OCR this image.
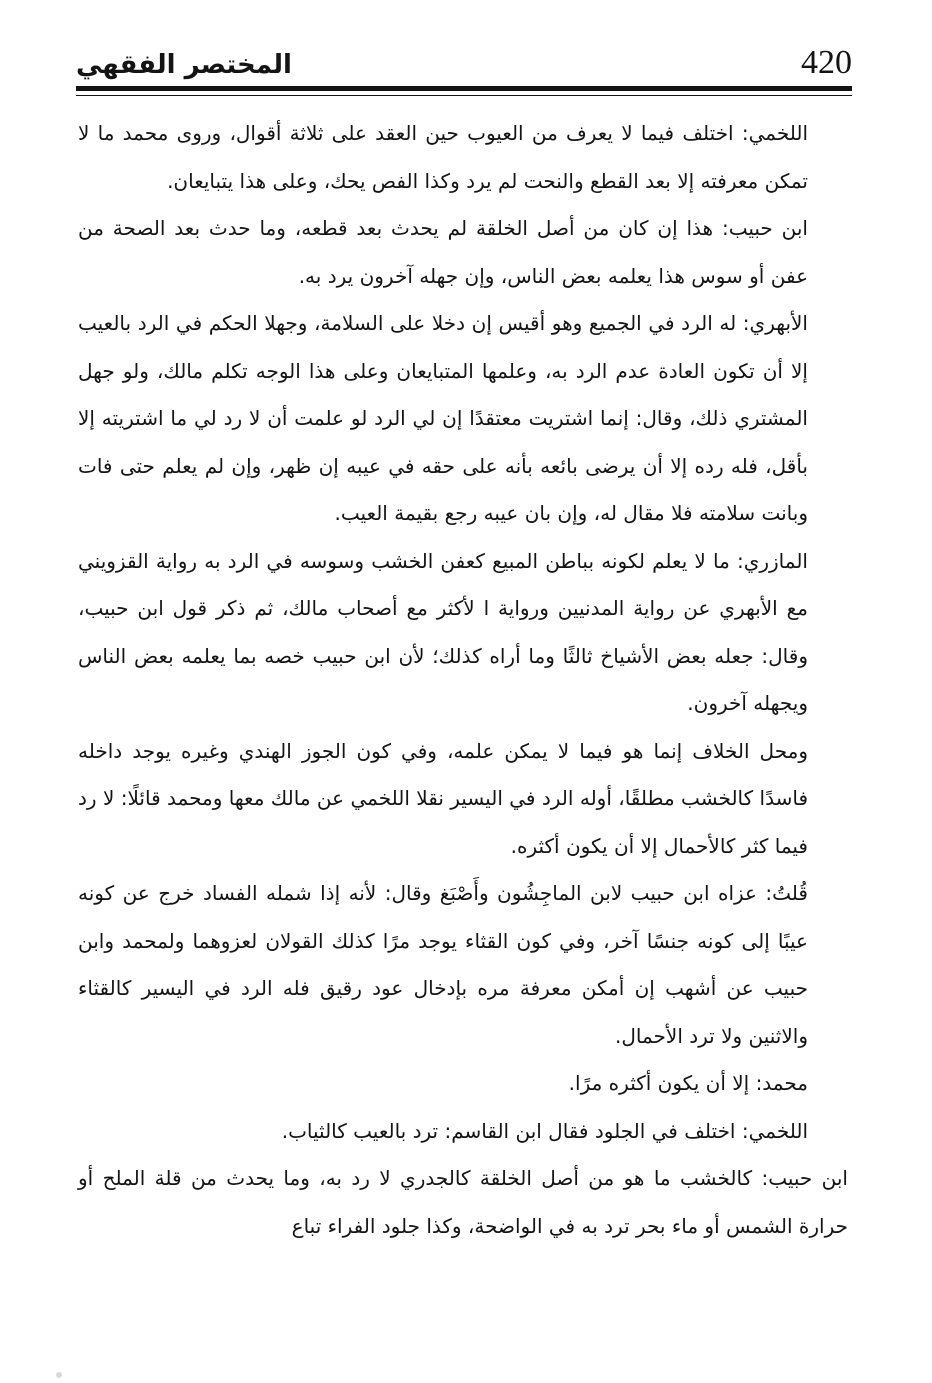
420
المختصر الفقهي

اللخمي: اختلف فيما لا يعرف من العيوب حين العقد على ثلاثة أقوال، وروى محمد ما لا تمكن معرفته إلا بعد القطع والنحت لم يرد وكذا الفص يحك، وعلى هذا يتبايعان.

ابن حبيب: هذا إن كان من أصل الخلقة لم يحدث بعد قطعه، وما حدث بعد الصحة من عفن أو سوس هذا يعلمه بعض الناس، وإن جهله آخرون يرد به.

الأبهري: له الرد في الجميع وهو أقيس إن دخلا على السلامة، وجهلا الحكم في الرد بالعيب إلا أن تكون العادة عدم الرد به، وعلمها المتبايعان وعلى هذا الوجه تكلم مالك، ولو جهل المشتري ذلك، وقال: إنما اشتريت معتقدًا إن لي الرد لو علمت أن لا رد لي ما اشتريته إلا بأقل، فله رده إلا أن يرضى بائعه بأنه على حقه في عيبه إن ظهر، وإن لم يعلم حتى فات وبانت سلامته فلا مقال له، وإن بان عيبه رجع بقيمة العيب.

المازري: ما لا يعلم لكونه بباطن المبيع كعفن الخشب وسوسه في الرد به رواية القزويني مع الأبهري عن رواية المدنيين ورواية ا لأكثر مع أصحاب مالك، ثم ذكر قول ابن حبيب، وقال: جعله بعض الأشياخ ثالثًا وما أراه كذلك؛ لأن ابن حبيب خصه بما يعلمه بعض الناس ويجهله آخرون.

ومحل الخلاف إنما هو فيما لا يمكن علمه، وفي كون الجوز الهندي وغيره يوجد داخله فاسدًا كالخشب مطلقًا، أوله الرد في اليسير نقلا اللخمي عن مالك معها ومحمد قائلًا: لا رد فيما كثر كالأحمال إلا أن يكون أكثره.

قُلتُ: عزاه ابن حبيب لابن الماجِشُون وأَصْبَغ وقال: لأنه إذا شمله الفساد خرج عن كونه عيبًا إلى كونه جنسًا آخر، وفي كون القثاء يوجد مرًا كذلك القولان لعزوهما ولمحمد وابن حبيب عن أشهب إن أمكن معرفة مره بإدخال عود رقيق فله الرد في اليسير كالقثاء والاثنين ولا ترد الأحمال.

محمد: إلا أن يكون أكثره مرًا.

اللخمي: اختلف في الجلود فقال ابن القاسم: ترد بالعيب كالثياب.

ابن حبيب: كالخشب ما هو من أصل الخلقة كالجدري لا رد به، وما يحدث من قلة الملح أو حرارة الشمس أو ماء بحر ترد به في الواضحة، وكذا جلود الفراء تباع
